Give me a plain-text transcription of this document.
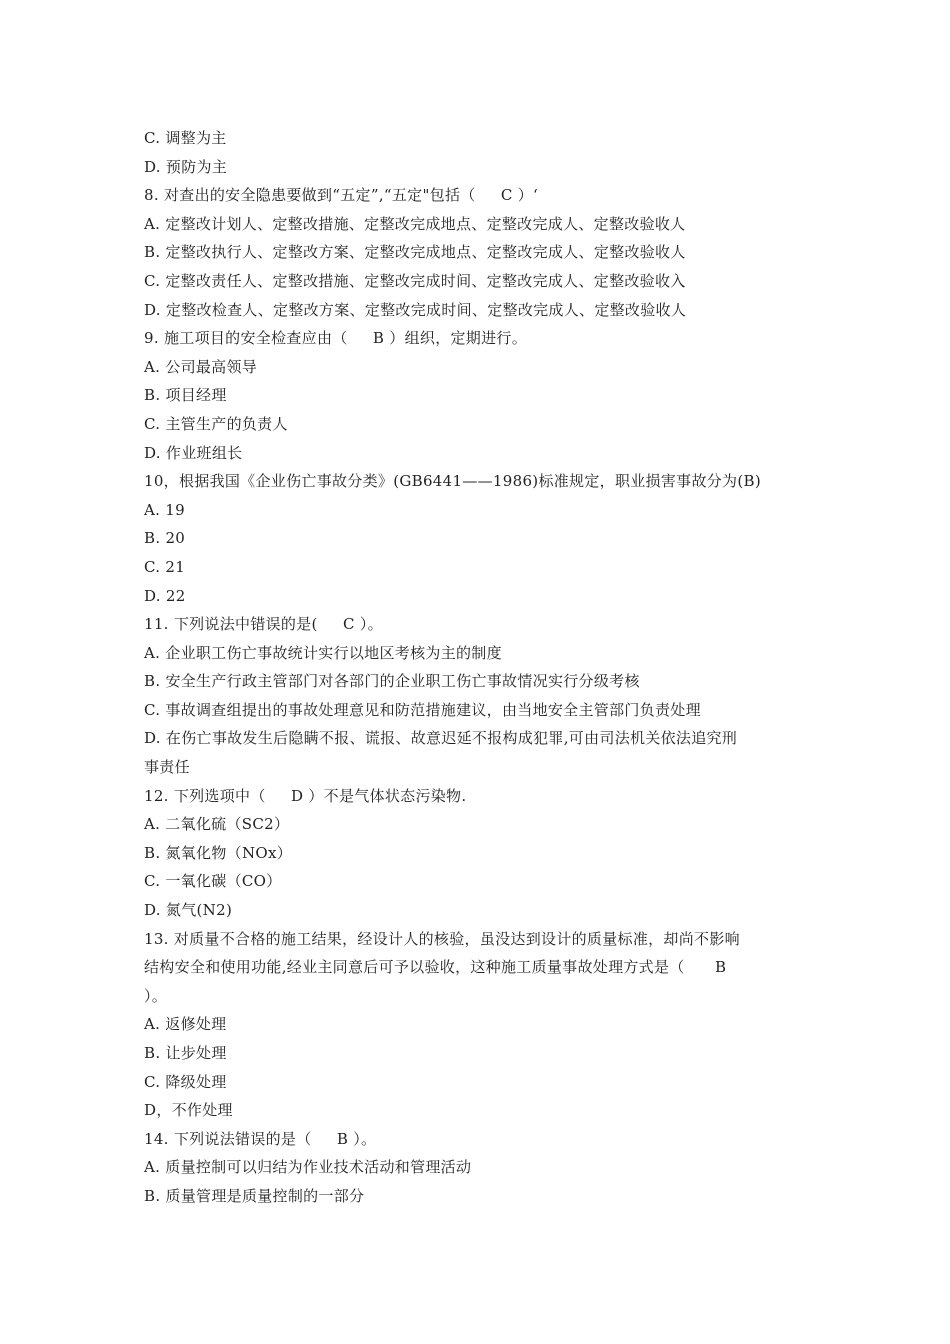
C. 调整为主
D. 预防为主
8. 对查出的安全隐患要做到“五定”,“五定"包括（     C ）‘
A. 定整改计划人、定整改措施、定整改完成地点、定整改完成人、定整改验收人
B. 定整改执行人、定整改方案、定整改完成地点、定整改完成人、定整改验收人
C. 定整改责任人、定整改措施、定整改完成时间、定整改完成人、定整改验收入
D. 定整改检查人、定整改方案、定整改完成时间、定整改完成人、定整改验收人
9. 施工项目的安全检查应由（     B ）组织，定期进行。
A. 公司最高领导
B. 项目经理
C. 主管生产的负责人
D. 作业班组长
10，根据我国《企业伤亡事故分类》(GB6441——1986)标准规定，职业损害事故分为(B)
A. 19
B. 20
C. 21
D. 22
11. 下列说法中错误的是(     C ）。
A. 企业职工伤亡事故统计实行以地区考核为主的制度
B. 安全生产行政主管部门对各部门的企业职工伤亡事故情况实行分级考核
C. 事故调查组提出的事故处理意见和防范措施建议，由当地安全主管部门负责处理
D. 在伤亡事故发生后隐瞒不报、谎报、故意迟延不报构成犯罪,可由司法机关依法追究刑
事责任
12. 下列选项中（     D ）不是气体状态污染物.
A. 二氧化硫（SC2）
B. 氮氧化物（NOx）
C. 一氧化碳（CO）
D. 氮气(N2)
13. 对质量不合格的施工结果，经设计人的核验，虽没达到设计的质量标准，却尚不影响
结构安全和使用功能,经业主同意后可予以验收，这种施工质量事故处理方式是（      B
）。
A. 返修处理
B. 让步处理
C. 降级处理
D，不作处理
14. 下列说法错误的是（     B ）。
A. 质量控制可以归结为作业技术活动和管理活动
B. 质量管理是质量控制的一部分
